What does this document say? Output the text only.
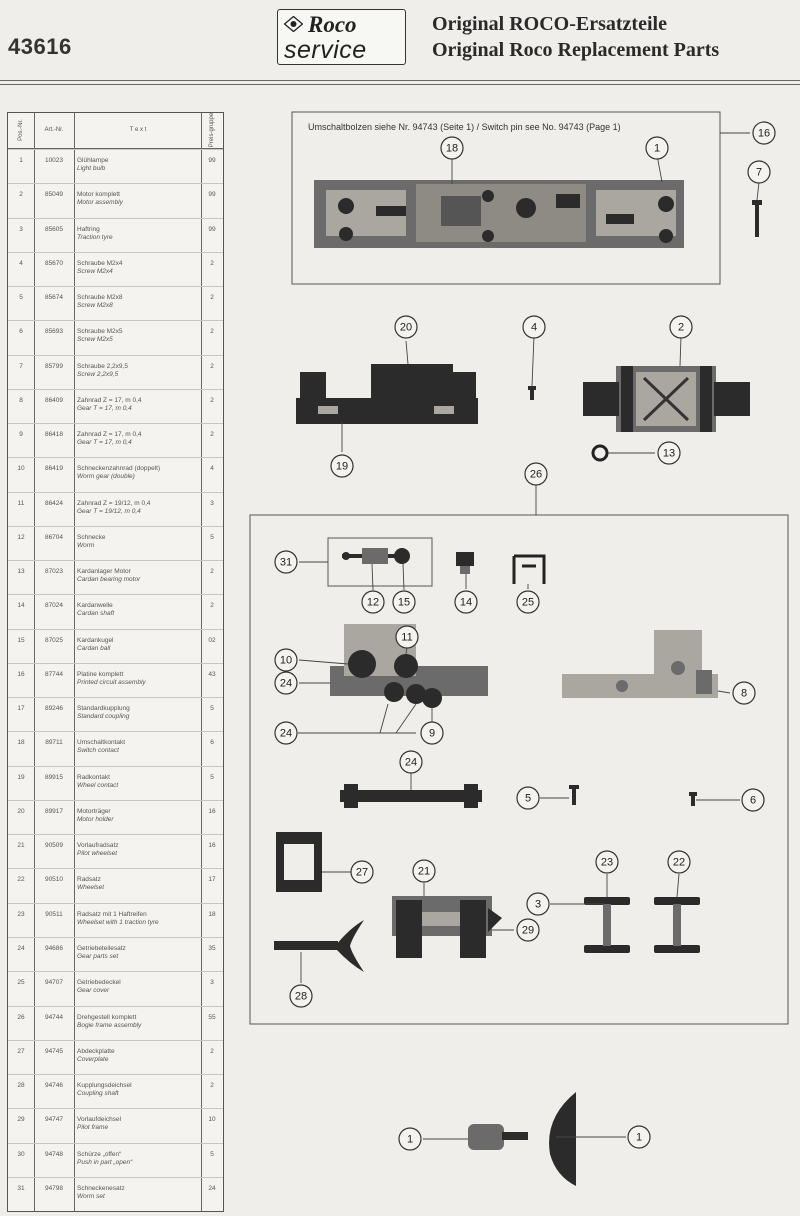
43616
Roco
service
Original ROCO-Ersatzteile
Original Roco Replacement Parts
Pos.-Nr.	Art.-Nr.	T e x t	Preis-gruppe
1	10023	Glühlampe
Light bulb
99
2	85049	Motor komplett
Motor assembly
99
3	85605	Haftring
Traction tyre
99
4	85670	Schraube M2x4
Screw M2x4
2
5	85674	Schraube M2x8
Screw M2x8
2
6	85693	Schraube M2x5
Screw M2x5
2
7	85799	Schraube 2,2x9,5
Screw 2,2x9,5
2
8	86409	Zahnrad Z = 17, m 0,4
Gear T = 17, m 0,4
2
9	86418	Zahnrad Z = 17, m 0,4
Gear T = 17, m 0,4
2
10	86419	Schneckenzahnrad (doppelt)
Worm gear (double)
4
11	86424	Zahnrad Z = 19/12, m 0,4
Gear T = 19/12, m 0,4
3
12	86704	Schnecke
Worm
5
13	87023	Kardanlager Motor
Cardan bearing motor
2
14	87024	Kardanwelle
Cardan shaft
2
15	87025	Kardankugel
Cardan ball
02
16	87744	Platine komplett
Printed circuit assembly
43
17	89246	Standardkupplung
Standard coupling
5
18	89711	Umschaltkontakt
Switch contact
6
19	89915	Radkontakt
Wheel contact
5
20	89917	Motorträger
Motor holder
16
21	90509	Vorlaufradsatz
Pilot wheelset
16
22	90510	Radsatz
Wheelset
17
23	90511	Radsatz mit 1 Haftreifen
Wheelset with 1 traction tyre
18
24	94686	Getriebeteilesatz
Gear parts set
35
25	94707	Getriebedeckel
Gear cover
3
26	94744	Drehgestell komplett
Bogie frame assembly
55
27	94745	Abdeckplatte
Coverplate
2
28	94746	Kupplungsdeichsel
Coupling shaft
2
29	94747	Vorlaufdeichsel
Pilot frame
10
30	94748	Schürze „offen“
Push in part „open“
5
31	94798	Schneckenesatz
Worm set
24
Umschaltbolzen siehe Nr. 94743 (Seite 1) / Switch pin see No. 94743 (Page 1)
16
18	1
7
20	4	2
19
13
26
31
12 15	14	25
11
10
24
24	9
8
24
5	6
27	21
23	22
3
29
28
1	1
